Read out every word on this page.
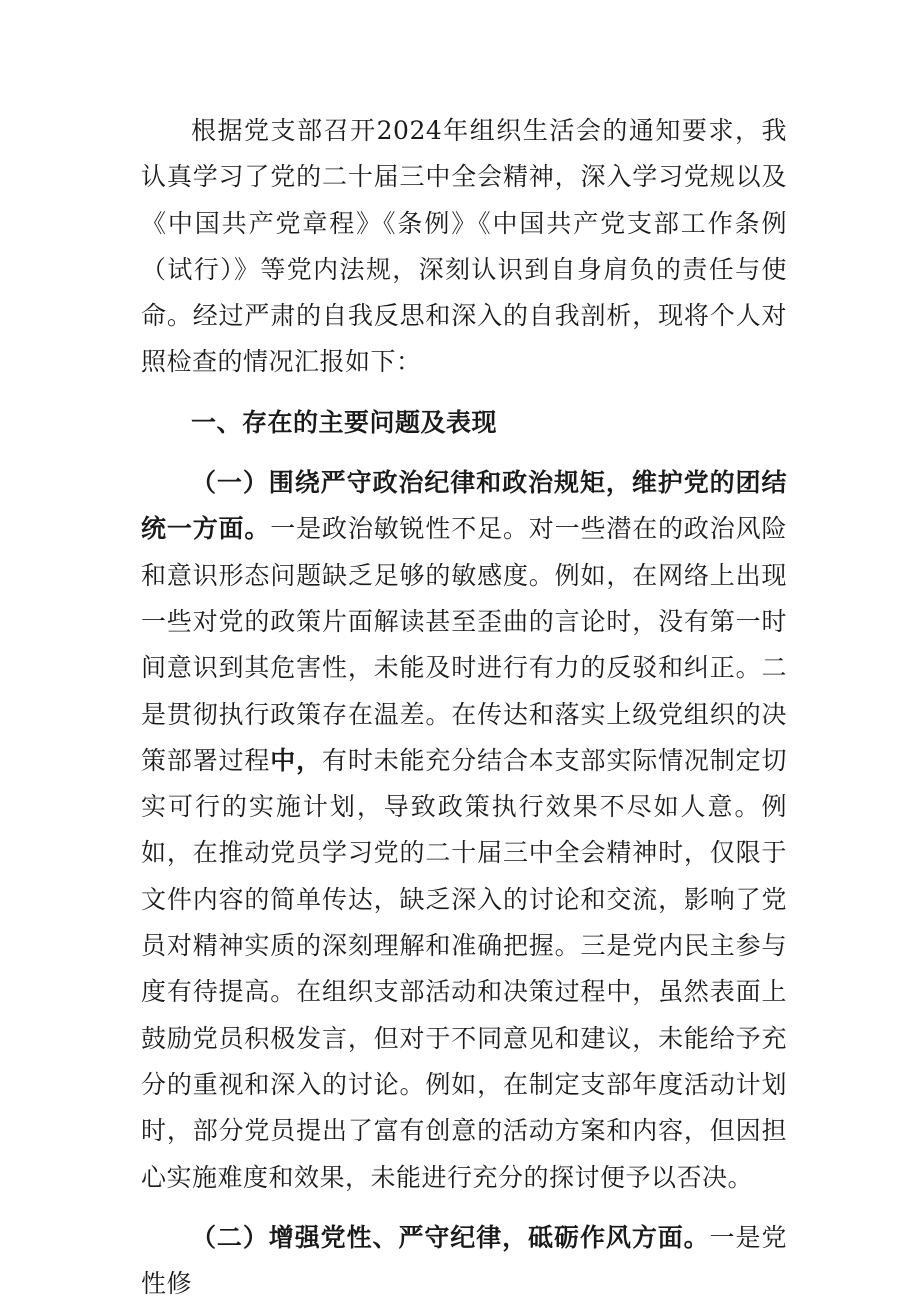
根据党支部召开2024年组织生活会的通知要求，我认真学习了党的二十届三中全会精神，深入学习党规以及《中国共产党章程》《条例》《中国共产党支部工作条例（试行）》等党内法规，深刻认识到自身肩负的责任与使命。经过严肃的自我反思和深入的自我剖析，现将个人对照检查的情况汇报如下：

一、存在的主要问题及表现

（一）围绕严守政治纪律和政治规矩，维护党的团结统一方面。一是政治敏锐性不足。对一些潜在的政治风险和意识形态问题缺乏足够的敏感度。例如，在网络上出现一些对党的政策片面解读甚至歪曲的言论时，没有第一时间意识到其危害性，未能及时进行有力的反驳和纠正。二是贯彻执行政策存在温差。在传达和落实上级党组织的决策部署过程中，有时未能充分结合本支部实际情况制定切实可行的实施计划，导致政策执行效果不尽如人意。例如，在推动党员学习党的二十届三中全会精神时，仅限于文件内容的简单传达，缺乏深入的讨论和交流，影响了党员对精神实质的深刻理解和准确把握。三是党内民主参与度有待提高。在组织支部活动和决策过程中，虽然表面上鼓励党员积极发言，但对于不同意见和建议，未能给予充分的重视和深入的讨论。例如，在制定支部年度活动计划时，部分党员提出了富有创意的活动方案和内容，但因担心实施难度和效果，未能进行充分的探讨便予以否决。

（二）增强党性、严守纪律，砥砺作风方面。一是党性修
